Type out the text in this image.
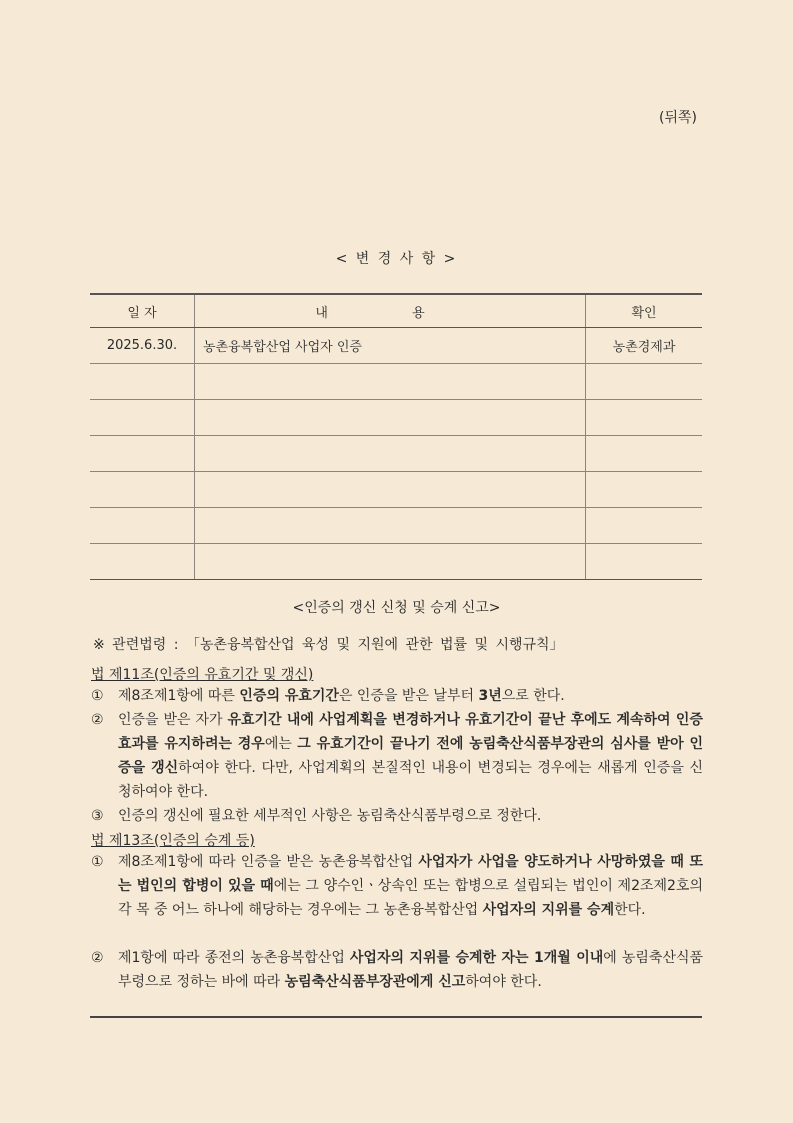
(뒤쪽)
< 변 경 사 항 >
일 자	내 용	확인
2025.6.30.	농촌융복합산업 사업자 인증	농촌경제과

<인증의 갱신 신청 및 승계 신고>
※ 관련법령 : 「농촌융복합산업 육성 및 지원에 관한 법률 및 시행규칙」
법 제11조(인증의 유효기간 및 갱신)
① 제8조제1항에 따른 인증의 유효기간은 인증을 받은 날부터 3년으로 한다.
② 인증을 받은 자가 유효기간 내에 사업계획을 변경하거나 유효기간이 끝난 후에도 계속하여 인증 효과를 유지하려는 경우에는 그 유효기간이 끝나기 전에 농림축산식품부장관의 심사를 받아 인증을 갱신하여야 한다. 다만, 사업계획의 본질적인 내용이 변경되는 경우에는 새롭게 인증을 신청하여야 한다.
③ 인증의 갱신에 필요한 세부적인 사항은 농림축산식품부령으로 정한다.
법 제13조(인증의 승계 등)
① 제8조제1항에 따라 인증을 받은 농촌융복합산업 사업자가 사업을 양도하거나 사망하였을 때 또는 법인의 합병이 있을 때에는 그 양수인ㆍ상속인 또는 합병으로 설립되는 법인이 제2조제2호의 각 목 중 어느 하나에 해당하는 경우에는 그 농촌융복합산업 사업자의 지위를 승계한다.
② 제1항에 따라 종전의 농촌융복합산업 사업자의 지위를 승계한 자는 1개월 이내에 농림축산식품부령으로 정하는 바에 따라 농림축산식품부장관에게 신고하여야 한다.
